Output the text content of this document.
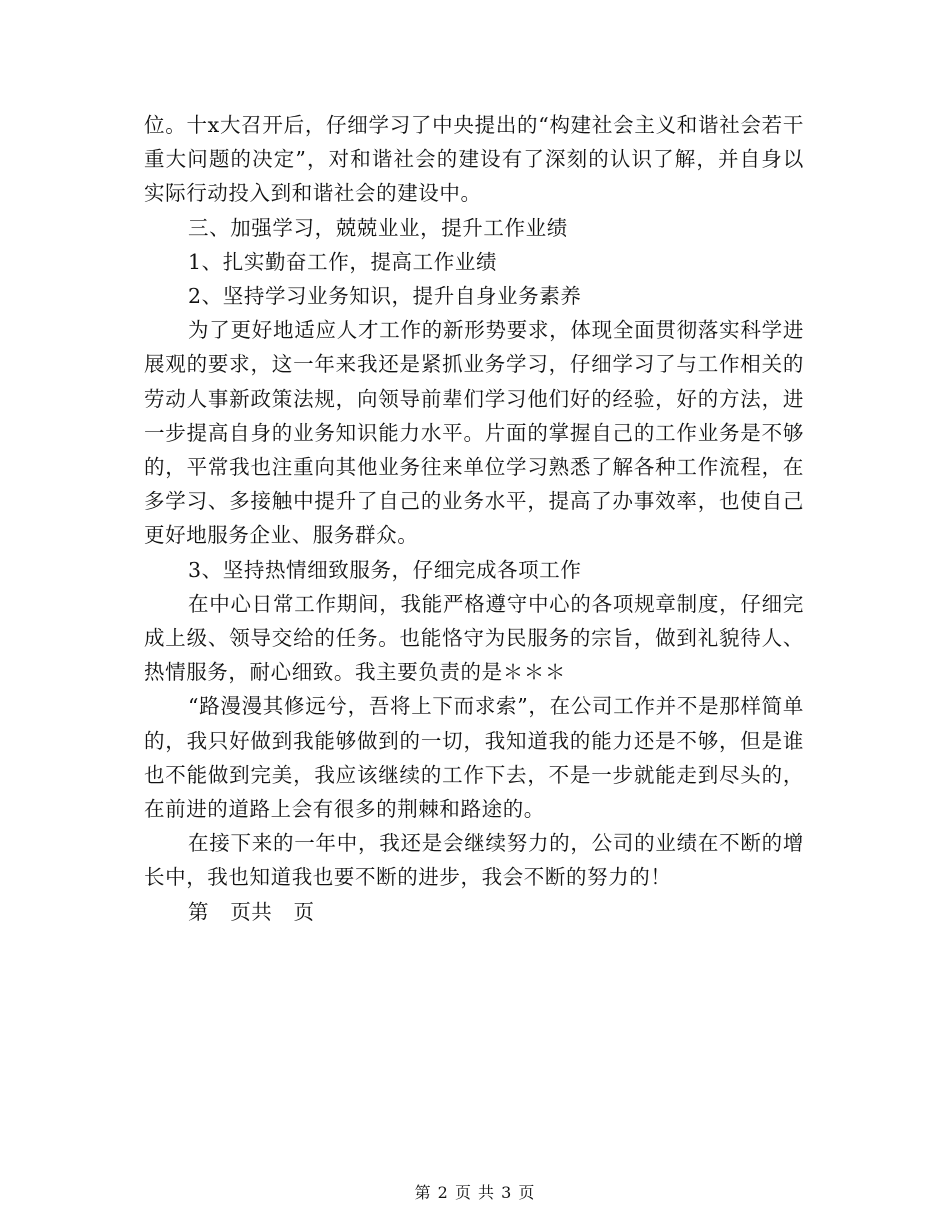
位。十x大召开后，仔细学习了中央提出的“构建社会主义和谐社会若干重大问题的决定”，对和谐社会的建设有了深刻的认识了解，并自身以实际行动投入到和谐社会的建设中。

三、加强学习，兢兢业业，提升工作业绩

1、扎实勤奋工作，提高工作业绩

2、坚持学习业务知识，提升自身业务素养

为了更好地适应人才工作的新形势要求，体现全面贯彻落实科学进展观的要求，这一年来我还是紧抓业务学习，仔细学习了与工作相关的劳动人事新政策法规，向领导前辈们学习他们好的经验，好的方法，进一步提高自身的业务知识能力水平。片面的掌握自己的工作业务是不够的，平常我也注重向其他业务往来单位学习熟悉了解各种工作流程，在多学习、多接触中提升了自己的业务水平，提高了办事效率，也使自己更好地服务企业、服务群众。

3、坚持热情细致服务，仔细完成各项工作

在中心日常工作期间，我能严格遵守中心的各项规章制度，仔细完成上级、领导交给的任务。也能恪守为民服务的宗旨，做到礼貌待人、热情服务，耐心细致。我主要负责的是＊＊＊

“路漫漫其修远兮，吾将上下而求索”，在公司工作并不是那样简单的，我只好做到我能够做到的一切，我知道我的能力还是不够，但是谁也不能做到完美，我应该继续的工作下去，不是一步就能走到尽头的，在前进的道路上会有很多的荆棘和路途的。

在接下来的一年中，我还是会继续努力的，公司的业绩在不断的增长中，我也知道我也要不断的进步，我会不断的努力的！

第　页共　页

第 2 页 共 3 页
